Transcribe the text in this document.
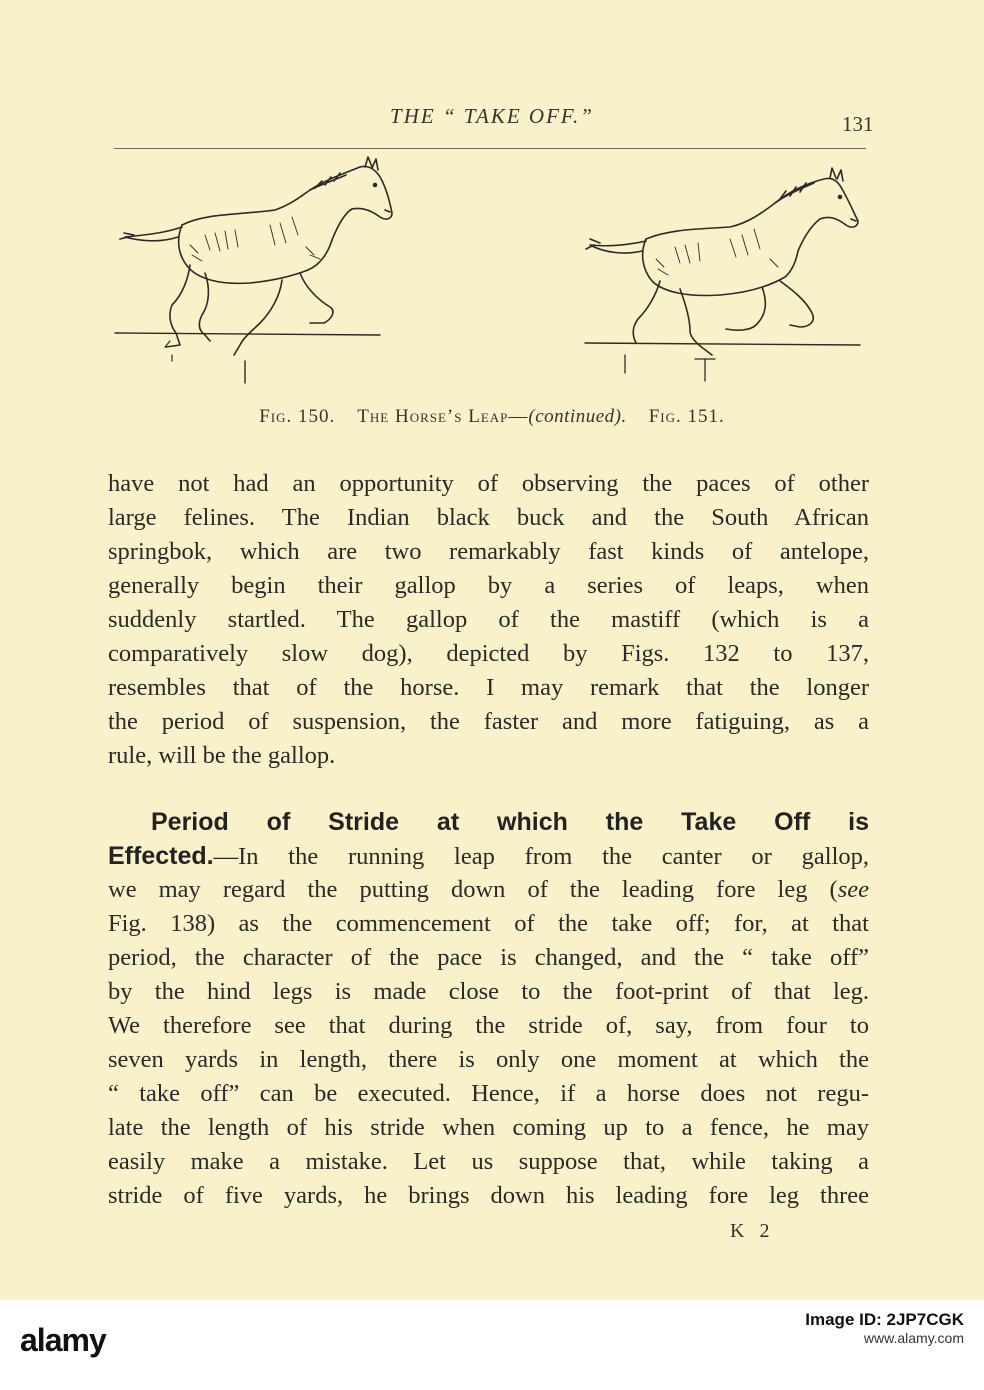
THE “ TAKE OFF.”	131
Fig. 150. The Horse’s Leap—(continued). Fig. 151.
have not had an opportunity of observing the paces of other
large felines. The Indian black buck and the South African
springbok, which are two remarkably fast kinds of antelope,
generally begin their gallop by a series of leaps, when
suddenly startled. The gallop of the mastiff (which is a
comparatively slow dog), depicted by Figs. 132 to 137,
resembles that of the horse. I may remark that the longer
the period of suspension, the faster and more fatiguing, as a
rule, will be the gallop.
Period of Stride at which the Take Off is
Effected.—In the running leap from the canter or gallop,
we may regard the putting down of the leading fore leg (see
Fig. 138) as the commencement of the take off; for, at that
period, the character of the pace is changed, and the “ take off”
by the hind legs is made close to the foot-print of that leg.
We therefore see that during the stride of, say, from four to
seven yards in length, there is only one moment at which the
“ take off” can be executed. Hence, if a horse does not regu-
late the length of his stride when coming up to a fence, he may
easily make a mistake. Let us suppose that, while taking a
stride of five yards, he brings down his leading fore leg three
K 2
alamy
Image ID: 2JP7CGK
www.alamy.com
